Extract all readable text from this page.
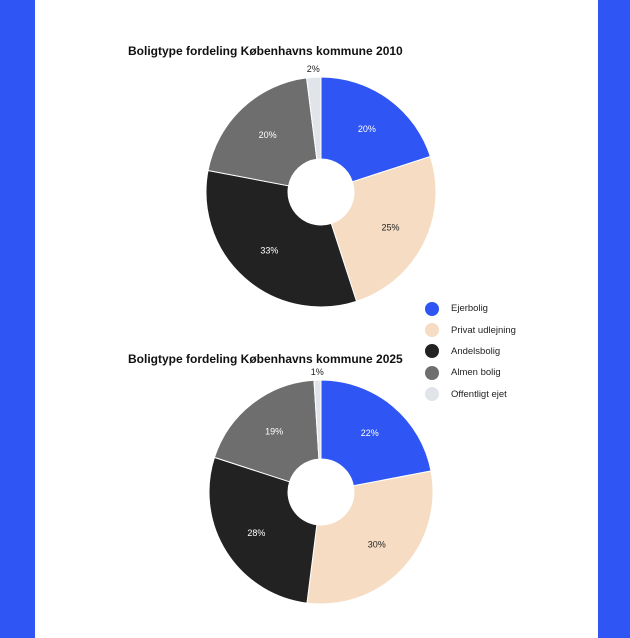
Boligtype fordeling Københavns kommune 2010
20%
25%
33%
20%
2%
Boligtype fordeling Københavns kommune 2025
22%
30%
28%
19%
1%
Ejerbolig
Privat udlejning
Andelsbolig
Almen bolig
Offentligt ejet
